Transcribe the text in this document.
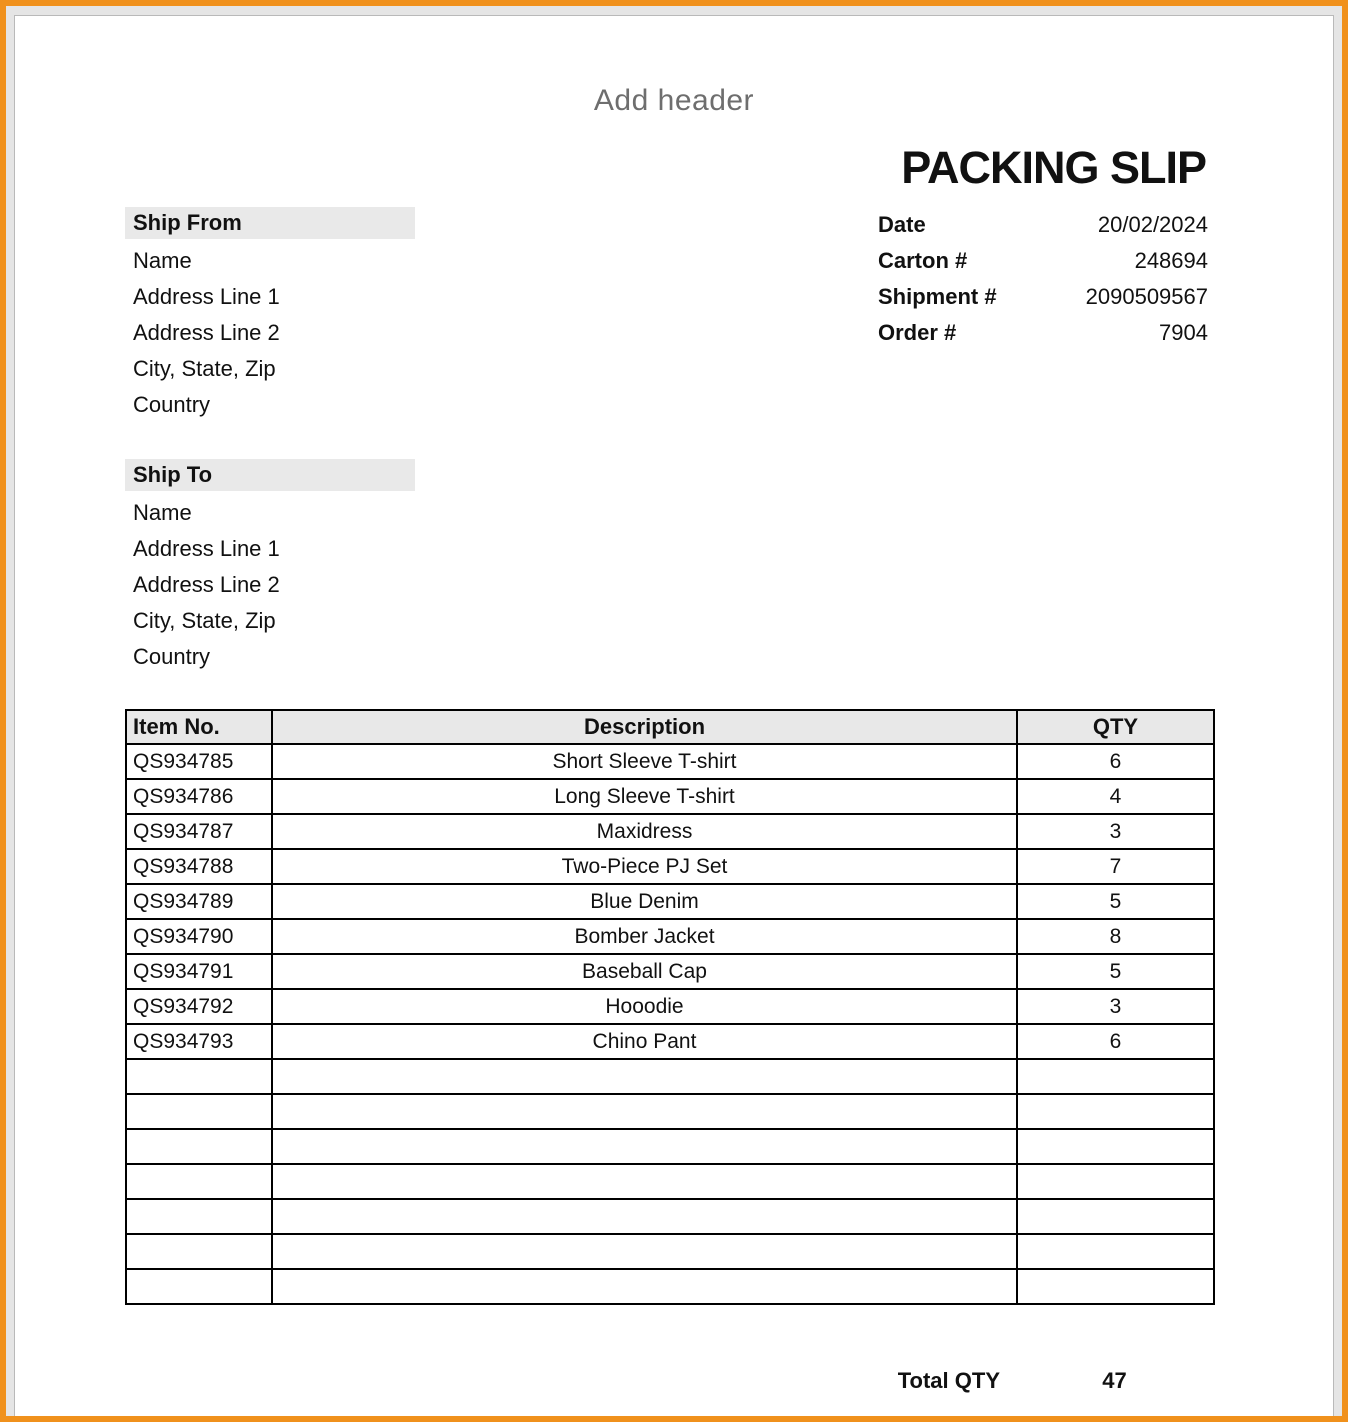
Add header
PACKING SLIP
Ship From
Name
Address Line 1
Address Line 2
City, State, Zip
Country
Date	20/02/2024
Carton #	248694
Shipment #	2090509567
Order #	7904
Ship To
Name
Address Line 1
Address Line 2
City, State, Zip
Country
Item No.	Description	QTY
QS934785	Short Sleeve T-shirt	6
QS934786	Long Sleeve T-shirt	4
QS934787	Maxidress	3
QS934788	Two-Piece PJ Set	7
QS934789	Blue Denim	5
QS934790	Bomber Jacket	8
QS934791	Baseball Cap	5
QS934792	Hooodie	3
QS934793	Chino Pant	6

Total QTY	47
